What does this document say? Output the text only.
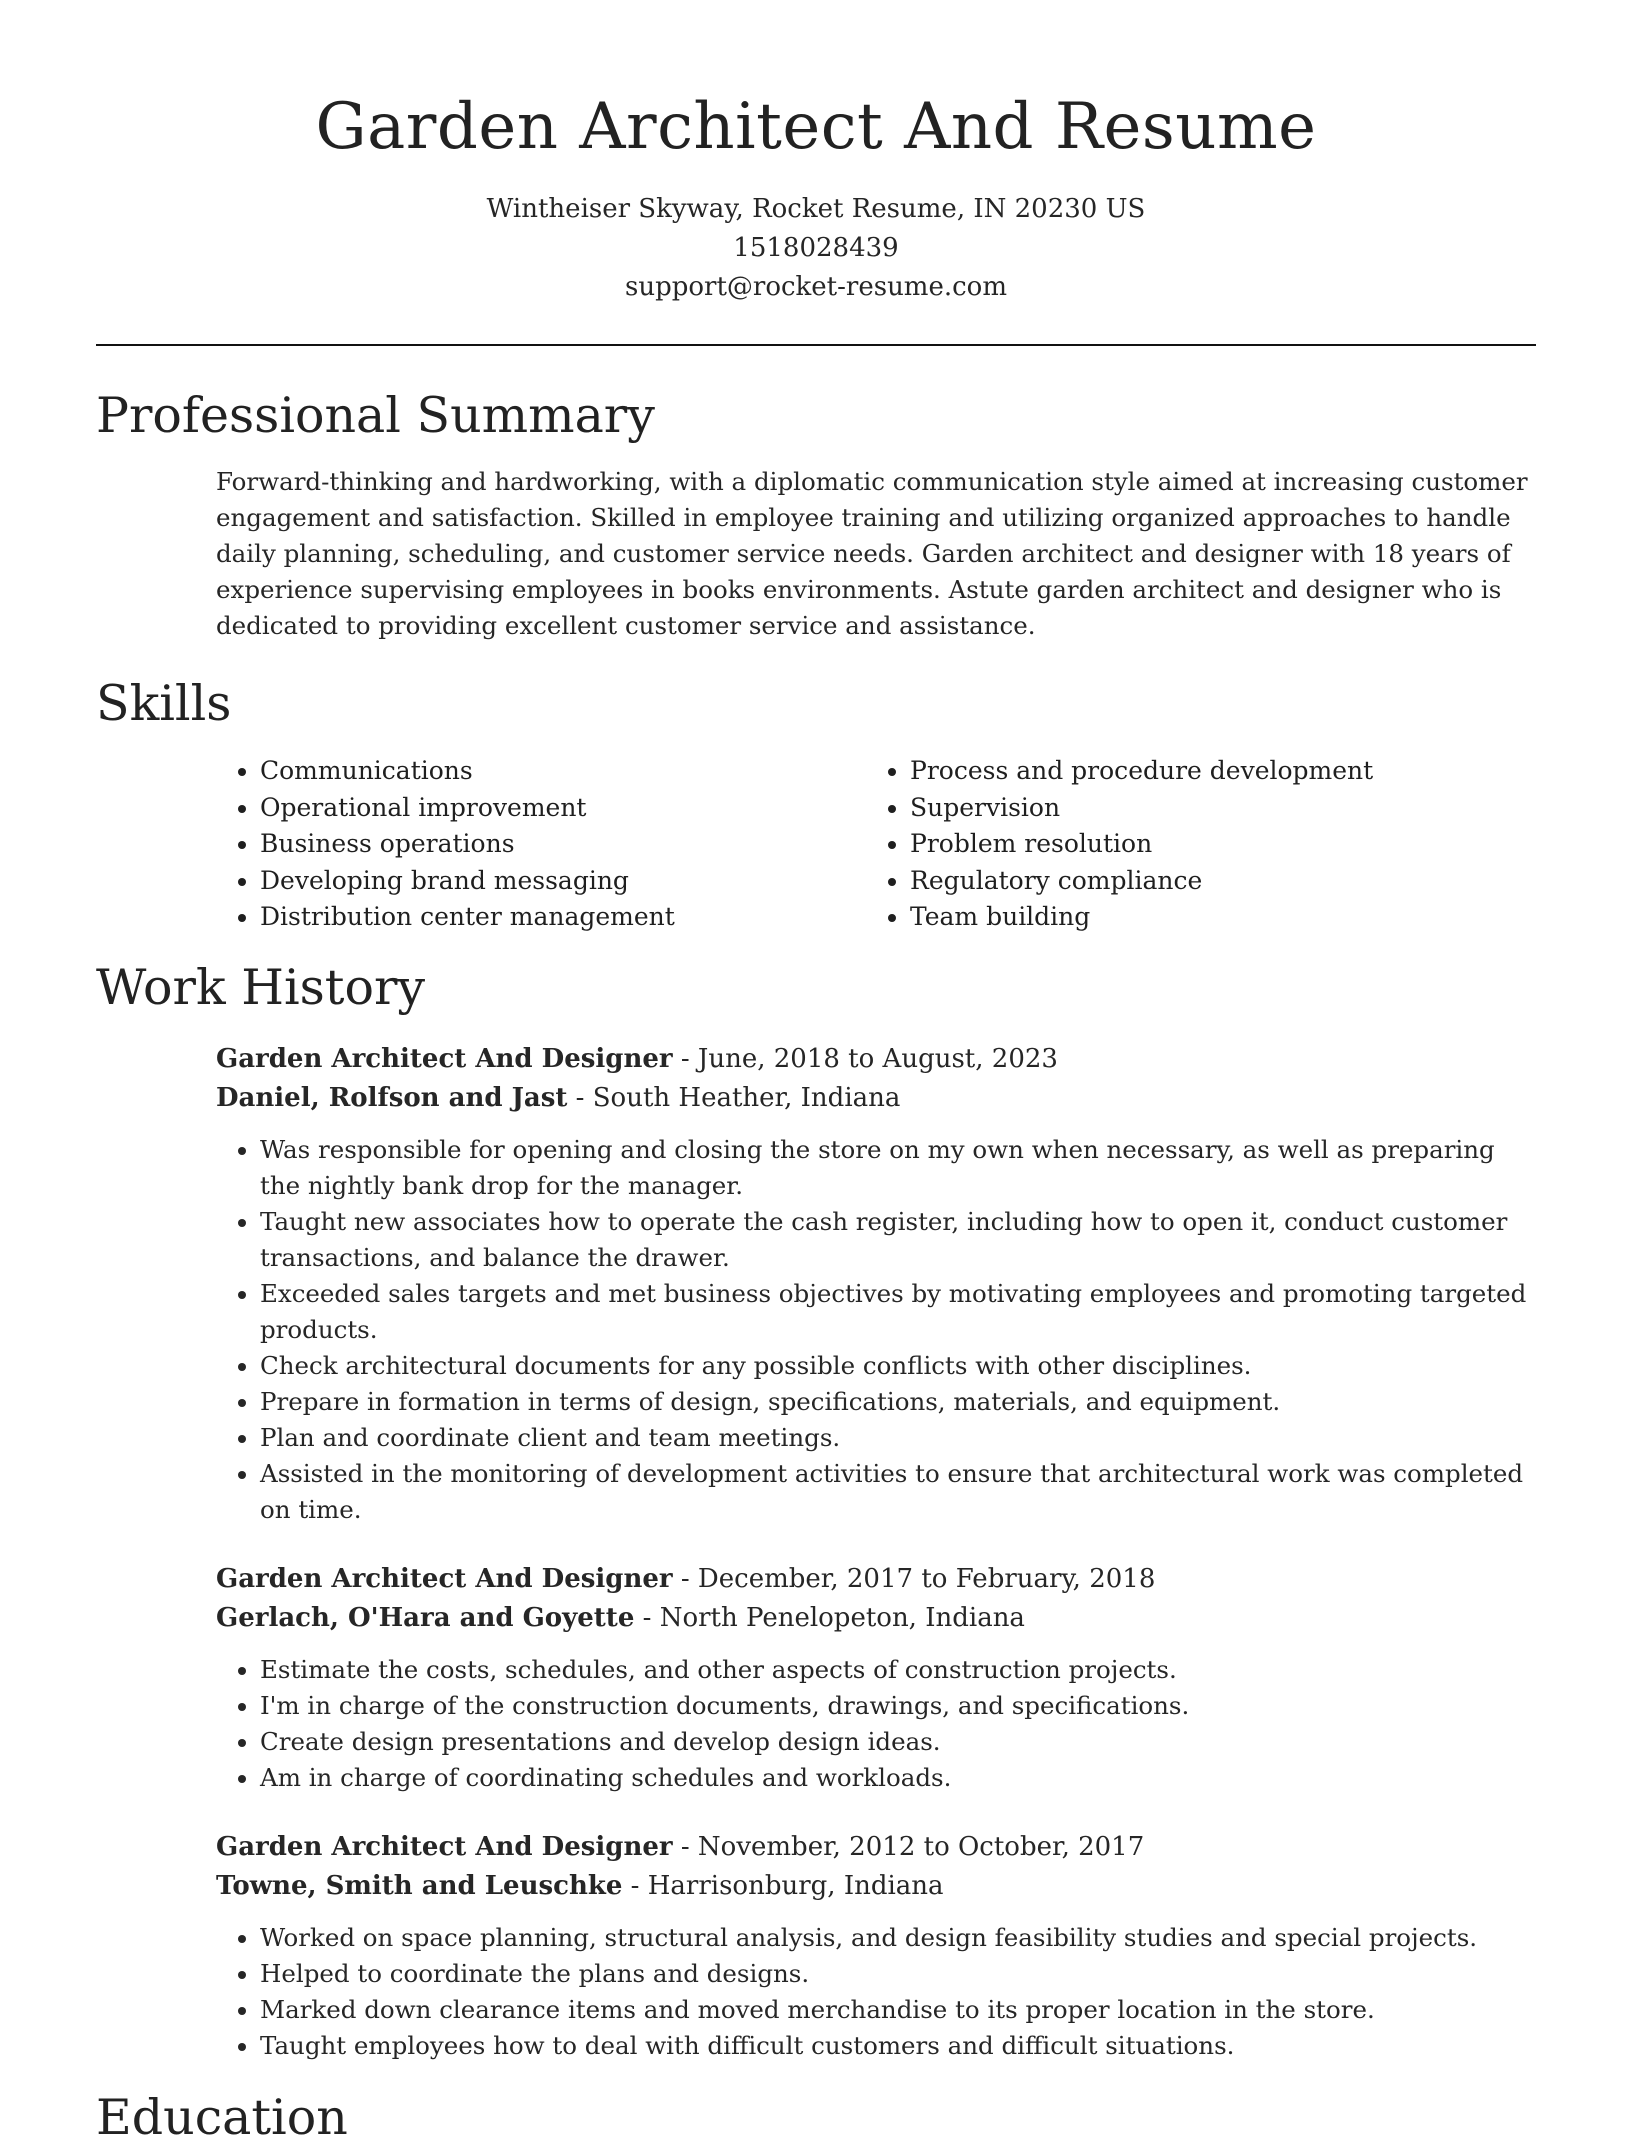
Garden Architect And Resume
Wintheiser Skyway, Rocket Resume, IN 20230 US
1518028439
support@rocket-resume.com
Professional Summary

Forward-thinking and hardworking, with a diplomatic communication style aimed at increasing customer engagement and satisfaction. Skilled in employee training and utilizing organized approaches to handle daily planning, scheduling, and customer service needs. Garden architect and designer with 18 years of experience supervising employees in books environments. Astute garden architect and designer who is dedicated to providing excellent customer service and assistance.

Skills
• Communications
• Operational improvement
• Business operations
• Developing brand messaging
• Distribution center management
• Process and procedure development
• Supervision
• Problem resolution
• Regulatory compliance
• Team building
Work History
Garden Architect And Designer - June, 2018 to August, 2023
Daniel, Rolfson and Jast - South Heather, Indiana
• Was responsible for opening and closing the store on my own when necessary, as well as preparing the nightly bank drop for the manager.
• Taught new associates how to operate the cash register, including how to open it, conduct customer transactions, and balance the drawer.
• Exceeded sales targets and met business objectives by motivating employees and promoting targeted products.
• Check architectural documents for any possible conflicts with other disciplines.
• Prepare in formation in terms of design, specifications, materials, and equipment.
• Plan and coordinate client and team meetings.
• Assisted in the monitoring of development activities to ensure that architectural work was completed on time.
Garden Architect And Designer - December, 2017 to February, 2018
Gerlach, O'Hara and Goyette - North Penelopeton, Indiana
• Estimate the costs, schedules, and other aspects of construction projects.
• I'm in charge of the construction documents, drawings, and specifications.
• Create design presentations and develop design ideas.
• Am in charge of coordinating schedules and workloads.
Garden Architect And Designer - November, 2012 to October, 2017
Towne, Smith and Leuschke - Harrisonburg, Indiana
• Worked on space planning, structural analysis, and design feasibility studies and special projects.
• Helped to coordinate the plans and designs.
• Marked down clearance items and moved merchandise to its proper location in the store.
• Taught employees how to deal with difficult customers and difficult situations.
Education
